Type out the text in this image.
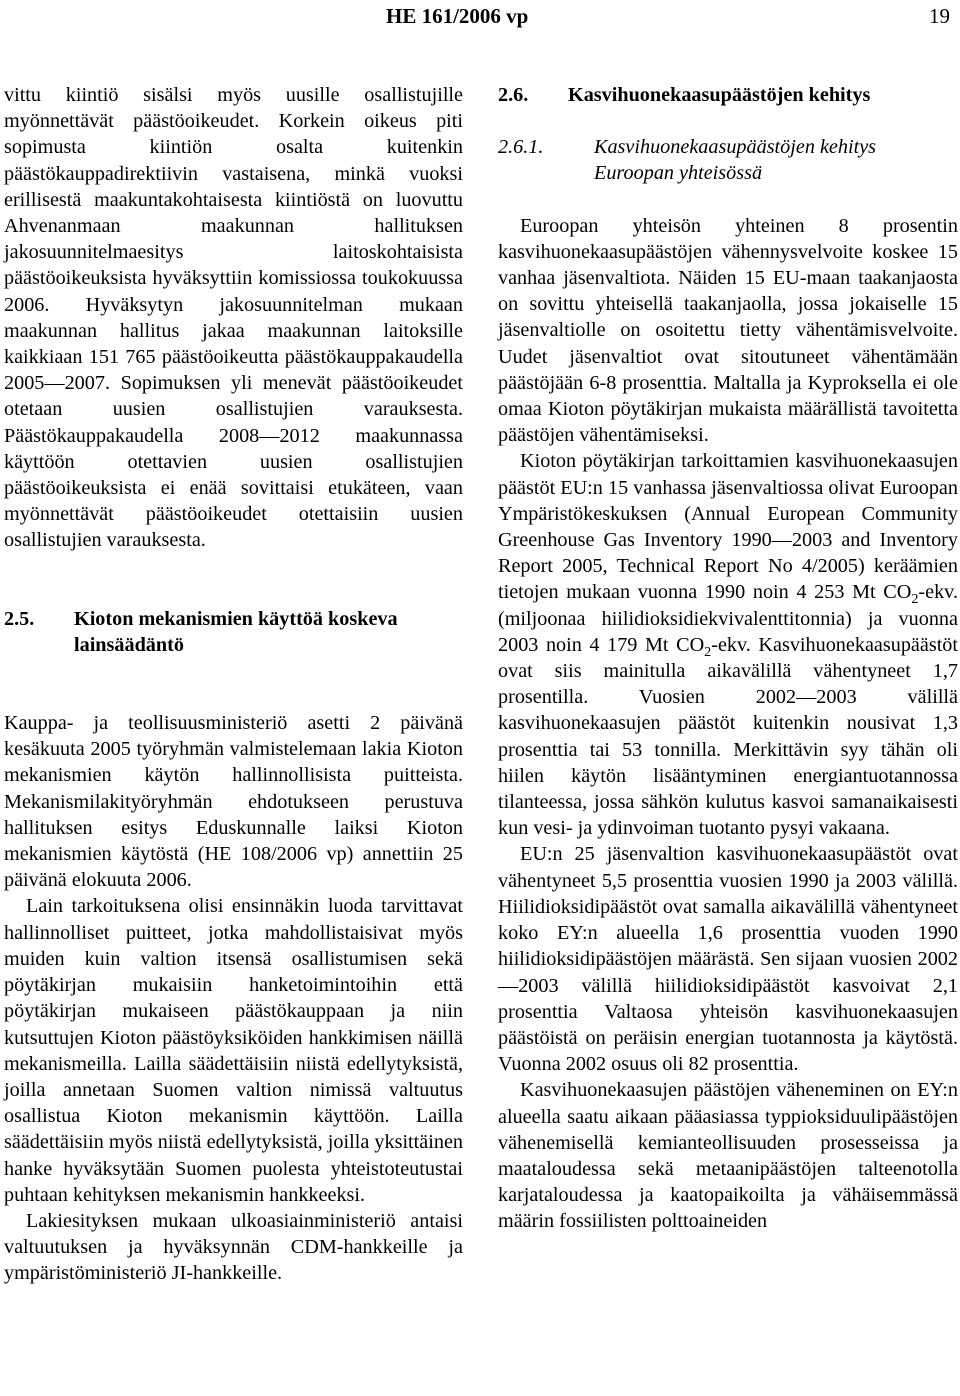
HE 161/2006 vp	19

vittu kiintiö sisälsi myös uusille osallistujille myönnettävät päästöoikeudet. Korkein oikeus piti sopimusta kiintiön osalta kuitenkin päästökauppadirektiivin vastaisena, minkä vuoksi erillisestä maakuntakohtaisesta kiintiöstä on luovuttu Ahvenanmaan maakunnan hallituksen jakosuunnitelmaesitys laitoskohtaisista päästöoikeuksista hyväksyttiin komissiossa toukokuussa 2006. Hyväksytyn jakosuunnitelman mukaan maakunnan hallitus jakaa maakunnan laitoksille kaikkiaan 151 765 päästöoikeutta päästökauppakaudella 2005—2007. Sopimuksen yli menevät päästöoikeudet otetaan uusien osallistujien varauksesta. Päästökauppakaudella 2008—2012 maakunnassa käyttöön otettavien uusien osallistujien päästöoikeuksista ei enää sovittaisi etukäteen, vaan myönnettävät päästöoikeudet otettaisiin uusien osallistujien varauksesta.

2.5.	Kioton mekanismien käyttöä koskeva lainsäädäntö

Kauppa- ja teollisuusministeriö asetti 2 päivänä kesäkuuta 2005 työryhmän valmistelemaan lakia Kioton mekanismien käytön hallinnollisista puitteista. Mekanismilakityöryhmän ehdotukseen perustuva hallituksen esitys Eduskunnalle laiksi Kioton mekanismien käytöstä (HE 108/2006 vp) annettiin 25 päivänä elokuuta 2006.

Lain tarkoituksena olisi ensinnäkin luoda tarvittavat hallinnolliset puitteet, jotka mahdollistaisivat myös muiden kuin valtion itsensä osallistumisen sekä pöytäkirjan mukaisiin hanketoimintoihin että pöytäkirjan mukaiseen päästökauppaan ja niin kutsuttujen Kioton päästöyksiköiden hankkimisen näillä mekanismeilla. Lailla säädettäisiin niistä edellytyksistä, joilla annetaan Suomen valtion nimissä valtuutus osallistua Kioton mekanismin käyttöön. Lailla säädettäisiin myös niistä edellytyksistä, joilla yksittäinen hanke hyväksytään Suomen puolesta yhteistoteutustai puhtaan kehityksen mekanismin hankkeeksi.

Lakiesityksen mukaan ulkoasiainministeriö antaisi valtuutuksen ja hyväksynnän CDM-hankkeille ja ympäristöministeriö JI-hankkeille.

2.6.	Kasvihuonekaasupäästöjen kehitys
2.6.1.	Kasvihuonekaasupäästöjen kehitys Euroopan yhteisössä

Euroopan yhteisön yhteinen 8 prosentin kasvihuonekaasupäästöjen vähennysvelvoite koskee 15 vanhaa jäsenvaltiota. Näiden 15 EU-maan taakanjaosta on sovittu yhteisellä taakanjaolla, jossa jokaiselle 15 jäsenvaltiolle on osoitettu tietty vähentämisvelvoite. Uudet jäsenvaltiot ovat sitoutuneet vähentämään päästöjään 6-8 prosenttia. Maltalla ja Kyproksella ei ole omaa Kioton pöytäkirjan mukaista määrällistä tavoitetta päästöjen vähentämiseksi.

Kioton pöytäkirjan tarkoittamien kasvihuonekaasujen päästöt EU:n 15 vanhassa jäsenvaltiossa olivat Euroopan Ympäristökeskuksen (Annual European Community Greenhouse Gas Inventory 1990—2003 and Inventory Report 2005, Technical Report No 4/2005) keräämien tietojen mukaan vuonna 1990 noin 4 253 Mt $CO_2$-ekv. (miljoonaa hiilidioksidiekvivalenttitonnia) ja vuonna 2003 noin 4 179 Mt $CO_2$-ekv. Kasvihuonekaasupäästöt ovat siis mainitulla aikavälillä vähentyneet 1,7 prosentilla. Vuosien 2002—2003 välillä kasvihuonekaasujen päästöt kuitenkin nousivat 1,3 prosenttia tai 53 tonnilla. Merkittävin syy tähän oli hiilen käytön lisääntyminen energiantuotannossa tilanteessa, jossa sähkön kulutus kasvoi samanaikaisesti kun vesi- ja ydinvoiman tuotanto pysyi vakaana.

EU:n 25 jäsenvaltion kasvihuonekaasupäästöt ovat vähentyneet 5,5 prosenttia vuosien 1990 ja 2003 välillä. Hiilidioksidipäästöt ovat samalla aikavälillä vähentyneet koko EY:n alueella 1,6 prosenttia vuoden 1990 hiilidioksidipäästöjen määrästä. Sen sijaan vuosien 2002—2003 välillä hiilidioksidipäästöt kasvoivat 2,1 prosenttia Valtaosa yhteisön kasvihuonekaasujen päästöistä on peräisin energian tuotannosta ja käytöstä. Vuonna 2002 osuus oli 82 prosenttia.

Kasvihuonekaasujen päästöjen väheneminen on EY:n alueella saatu aikaan pääasiassa typpioksiduulipäästöjen vähenemisellä kemianteollisuuden prosesseissa ja maataloudessa sekä metaanipäästöjen talteenotolla karjataloudessa ja kaatopaikoilta ja vähäisemmässä määrin fossiilisten polttoaineiden
